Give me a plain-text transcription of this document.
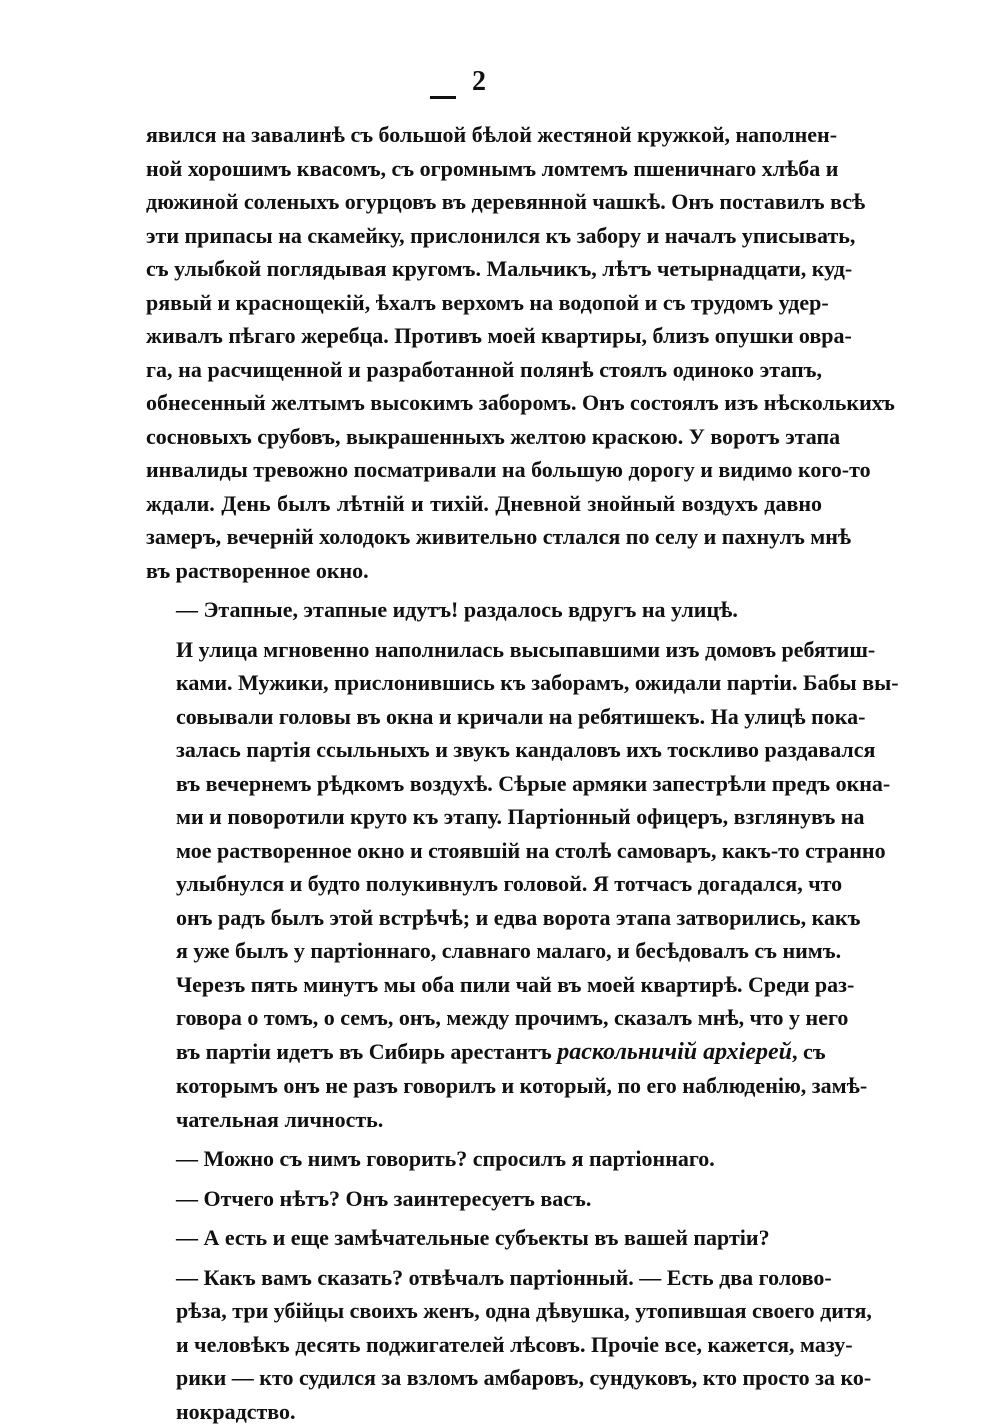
2
явился на завалинѣ съ большой бѣлой жестяной кружкой, наполнен-
ной хорошимъ квасомъ, съ огромнымъ ломтемъ пшеничнаго хлѣба и
дюжиной соленыхъ огурцовъ въ деревянной чашкѣ. Онъ поставилъ всѣ
эти припасы на скамейку, прислонился къ забору и началъ уписывать,
съ улыбкой поглядывая кругомъ. Мальчикъ, лѣтъ четырнадцати, куд-
рявый и краснощекій, ѣхалъ верхомъ на водопой и съ трудомъ удер-
живалъ пѣгаго жеребца. Противъ моей квартиры, близъ опушки овра-
га, на расчищенной и разработанной полянѣ стоялъ одиноко этапъ,
обнесенный желтымъ высокимъ заборомъ. Онъ состоялъ изъ нѣсколькихъ
сосновыхъ срубовъ, выкрашенныхъ желтою краскою. У воротъ этапа
инвалиды тревожно посматривали на большую дорогу и видимо кого-то
ждали. День былъ лѣтній и тихій. Дневной знойный воздухъ давно
замеръ, вечерній холодокъ живительно стлался по селу и пахнулъ мнѣ
въ растворенное окно.
— Этапные, этапные идутъ! раздалось вдругъ на улицѣ.
И улица мгновенно наполнилась высыпавшими изъ домовъ ребятиш-
ками. Мужики, прислонившись къ заборамъ, ожидали партіи. Бабы вы-
совывали головы въ окна и кричали на ребятишекъ. На улицѣ пока-
залась партія ссыльныхъ и звукъ кандаловъ ихъ тоскливо раздавался
въ вечернемъ рѣдкомъ воздухѣ. Сѣрые армяки запестрѣли предъ окна-
ми и поворотили круто къ этапу. Партіонный офицеръ, взглянувъ на
мое растворенное окно и стоявшій на столѣ самоваръ, какъ-то странно
улыбнулся и будто полукивнулъ головой. Я тотчасъ догадался, что
онъ радъ былъ этой встрѣчѣ; и едва ворота этапа затворились, какъ
я уже былъ у партіоннаго, славнаго малаго, и бесѣдовалъ съ нимъ.
Черезъ пять минутъ мы оба пили чай въ моей квартирѣ. Среди раз-
говора о томъ, о семъ, онъ, между прочимъ, сказалъ мнѣ, что у него
въ партіи идетъ въ Сибирь арестантъ раскольничій архіерей, съ
которымъ онъ не разъ говорилъ и который, по его наблюденію, замѣ-
чательная личность.
— Можно съ нимъ говорить? спросилъ я партіоннаго.
— Отчего нѣтъ? Онъ заинтересуетъ васъ.
— А есть и еще замѣчательные субъекты въ вашей партіи?
— Какъ вамъ сказать? отвѣчалъ партіонный. — Есть два голово-
рѣза, три убійцы своихъ женъ, одна дѣвушка, утопившая своего дитя,
и человѣкъ десять поджигателей лѣсовъ. Прочіе все, кажется, мазу-
рики — кто судился за взломъ амбаровъ, сундуковъ, кто просто за ко-
нокрадство.
